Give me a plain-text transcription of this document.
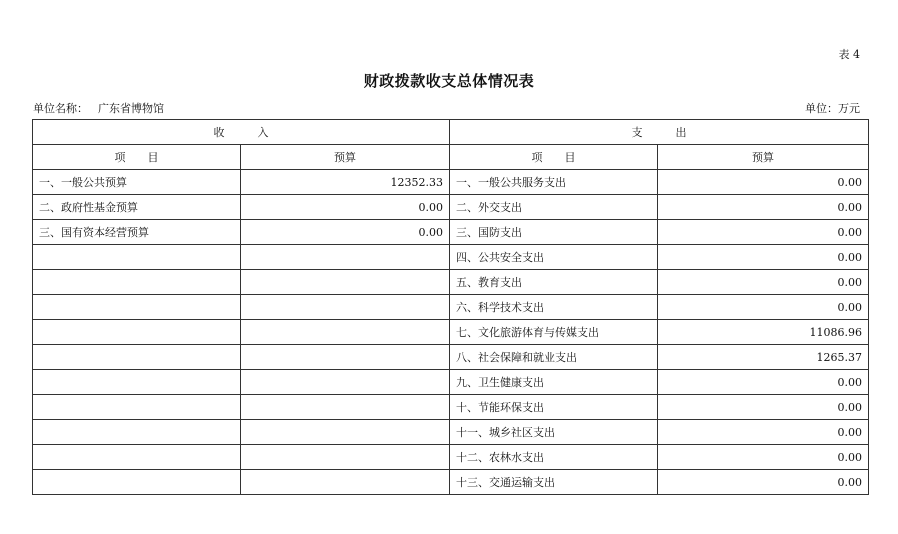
表 4
财政拨款收支总体情况表
单位名称： 广东省博物馆	单位：万元
收　　　入		支　　　出	
项　　目	预算	项　　目	预算
一、一般公共预算	12352.33	一、一般公共服务支出	0.00
二、政府性基金预算	0.00	二、外交支出	0.00
三、国有资本经营预算	0.00	三、国防支出	0.00
		四、公共安全支出	0.00
		五、教育支出	0.00
		六、科学技术支出	0.00
		七、文化旅游体育与传媒支出	11086.96
		八、社会保障和就业支出	1265.37
		九、卫生健康支出	0.00
		十、节能环保支出	0.00
		十一、城乡社区支出	0.00
		十二、农林水支出	0.00
		十三、交通运输支出	0.00
